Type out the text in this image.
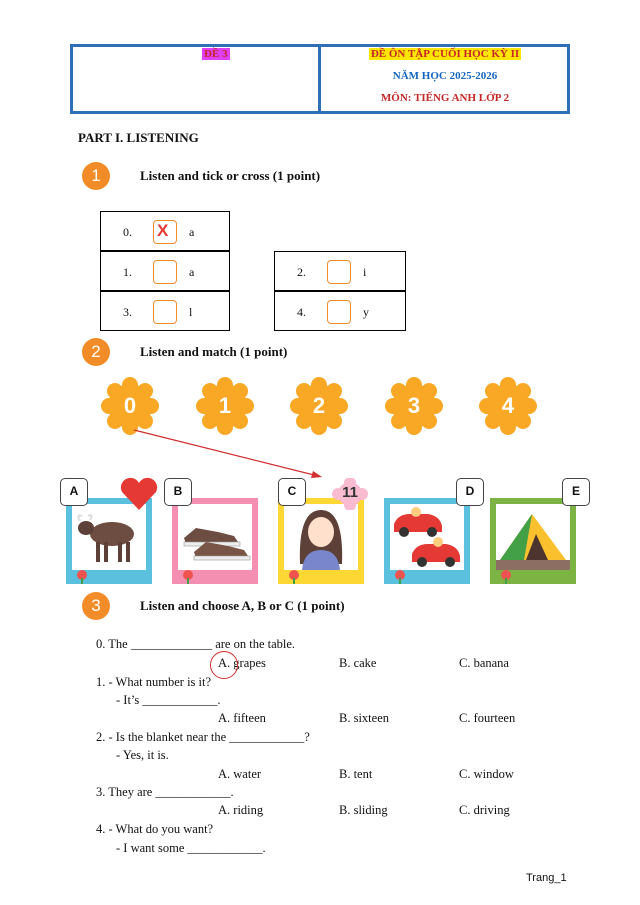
ĐỀ 3	ĐỀ ÔN TẬP CUỐI HỌC KỲ II
NĂM HỌC 2025-2026
MÔN: TIẾNG ANH LỚP 2
PART I. LISTENING
1	Listen and tick or cross (1 point)
0. X a
1.	a
3.	l
2.	i
4.	y
2	Listen and match (1 point)
0	1	2	3	4
A	B	C	11	D	E
3	Listen and choose A, B or C (1 point)
0. The _____________ are on the table.
A. grapes	B. cake	C. banana
1. - What number is it?
- It’s ____________.
A. fifteen	B. sixteen	C. fourteen
2. - Is the blanket near the ____________?
- Yes, it is.
A. water	B. tent	C. window
3. They are ____________.
A. riding	B. sliding	C. driving
4. - What do you want?
- I want some ____________.
Trang_1
